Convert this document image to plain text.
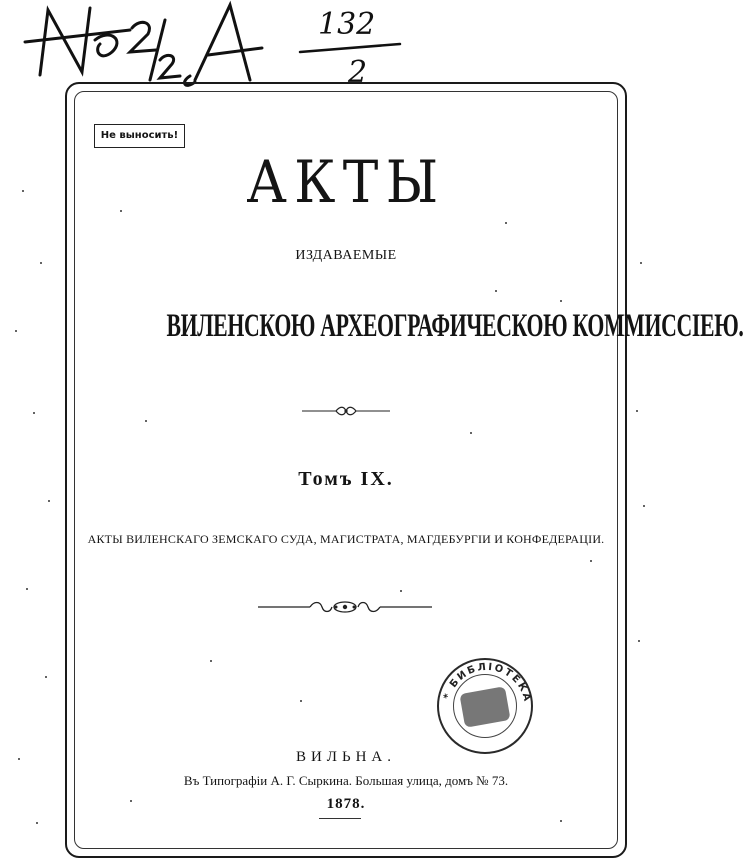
132
2
Не выносить!
АКТЫ
ИЗДАВАЕМЫЕ
ВИЛЕНСКОЮ АРХЕОГРАФИЧЕСКОЮ КОММИССІЕЮ.
Томъ IX.
АКТЫ ВИЛЕНСКАГО ЗЕМСКАГО СУДА, МАГИСТРАТА, МАГДЕБУРГІИ И КОНФЕДЕРАЦІИ.
* БИБЛІОТЕКА
ВИЛЬНА.
Въ Типографіи А. Г. Сыркина. Большая улица, домъ № 73.
1878.
